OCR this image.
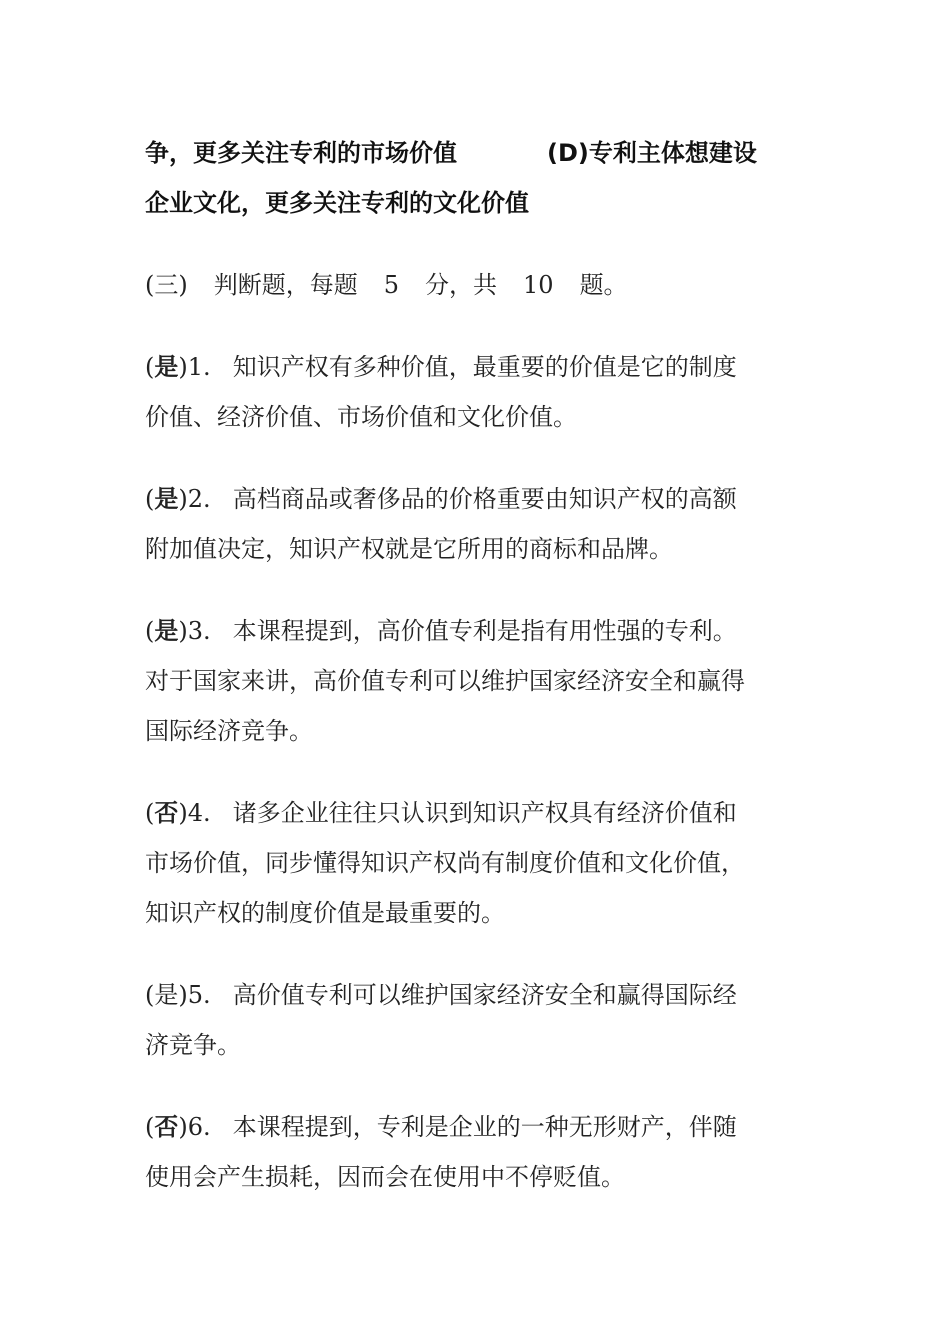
争，更多关注专利的市场价值	(D)专利主体想建设
企业文化，更多关注专利的文化价值
(三) 判断题，每题 5 分，共 10 题。
(是)1. 知识产权有多种价值，最重要的价值是它的制度
价值、经济价值、市场价值和文化价值。
(是)2. 高档商品或奢侈品的价格重要由知识产权的高额
附加值决定，知识产权就是它所用的商标和品牌。
(是)3. 本课程提到，高价值专利是指有用性强的专利。
对于国家来讲，高价值专利可以维护国家经济安全和赢得
国际经济竞争。
(否)4. 诸多企业往往只认识到知识产权具有经济价值和
市场价值，同步懂得知识产权尚有制度价值和文化价值，
知识产权的制度价值是最重要的。
(是)5. 高价值专利可以维护国家经济安全和赢得国际经
济竞争。
(否)6. 本课程提到，专利是企业的一种无形财产，伴随
使用会产生损耗，因而会在使用中不停贬值。
